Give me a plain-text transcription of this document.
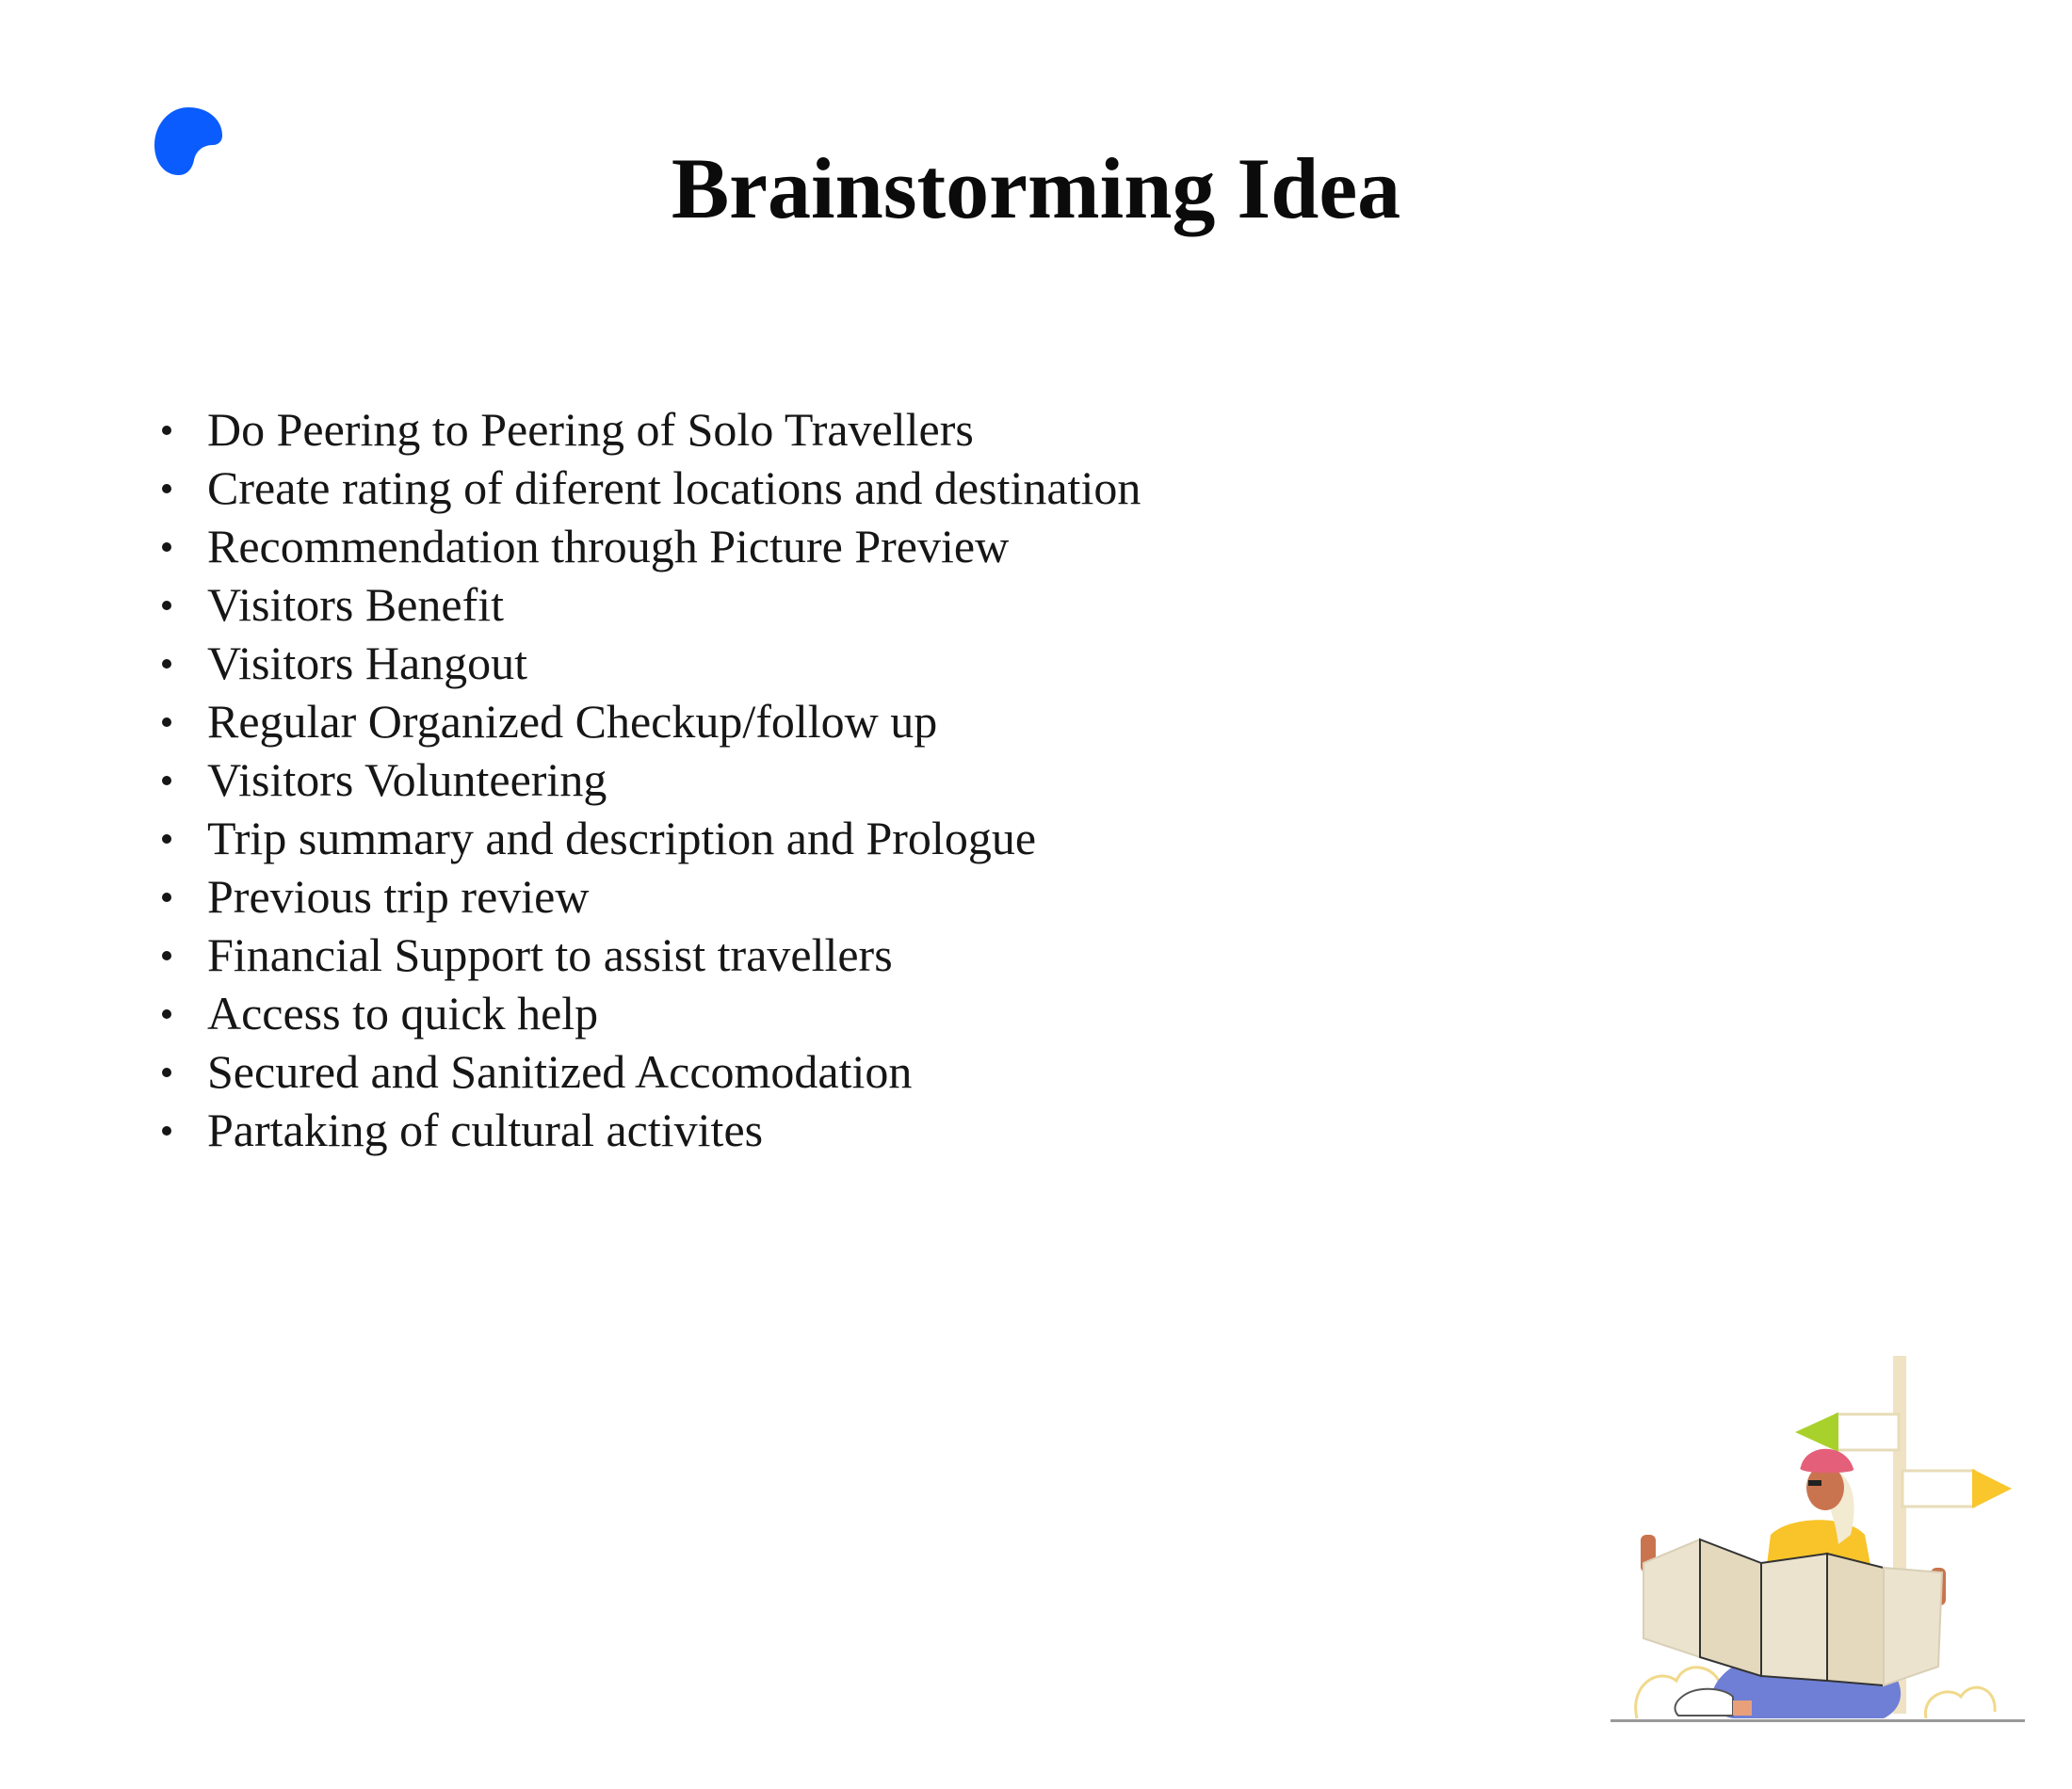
Brainstorming Idea
Do Peering to Peering of Solo Travellers
Create rating of diferent locations and destination
Recommendation through Picture Preview
Visitors Benefit
Visitors Hangout
Regular Organized Checkup/follow up
Visitors Volunteering
Trip summary and description and Prologue
Previous trip review
Financial Support to assist travellers
Access to quick help
Secured and Sanitized Accomodation
Partaking of cultural activites
